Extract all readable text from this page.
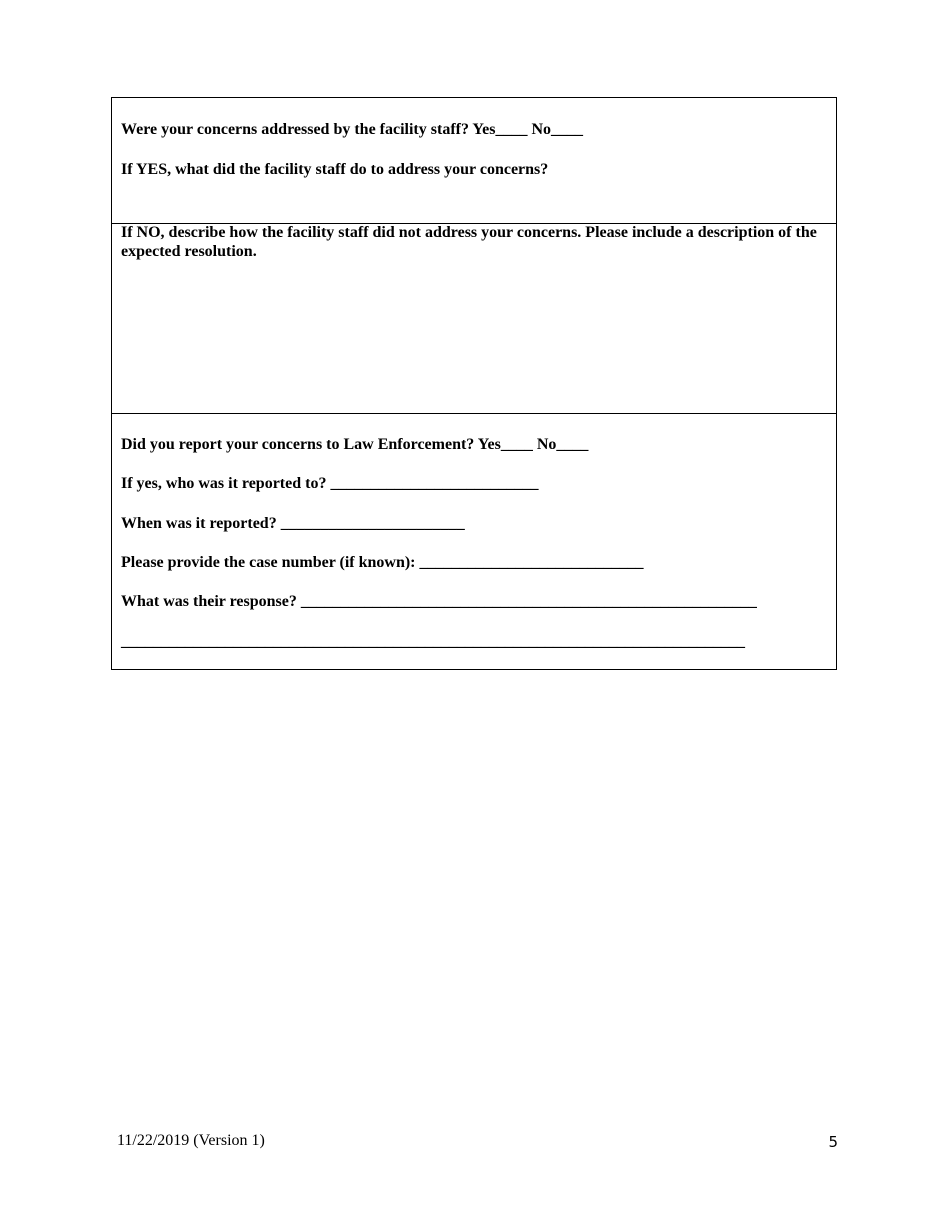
Were your concerns addressed by the facility staff? Yes____ No____
If YES, what did the facility staff do to address your concerns?
If NO, describe how the facility staff did not address your concerns. Please include a description of the expected resolution.
Did you report your concerns to Law Enforcement? Yes____ No____
If yes, who was it reported to? __________________________
When was it reported? _______________________
Please provide the case number (if known): ____________________________
What was their response? _________________________________________________________
______________________________________________________________________________
11/22/2019 (Version 1)	5
